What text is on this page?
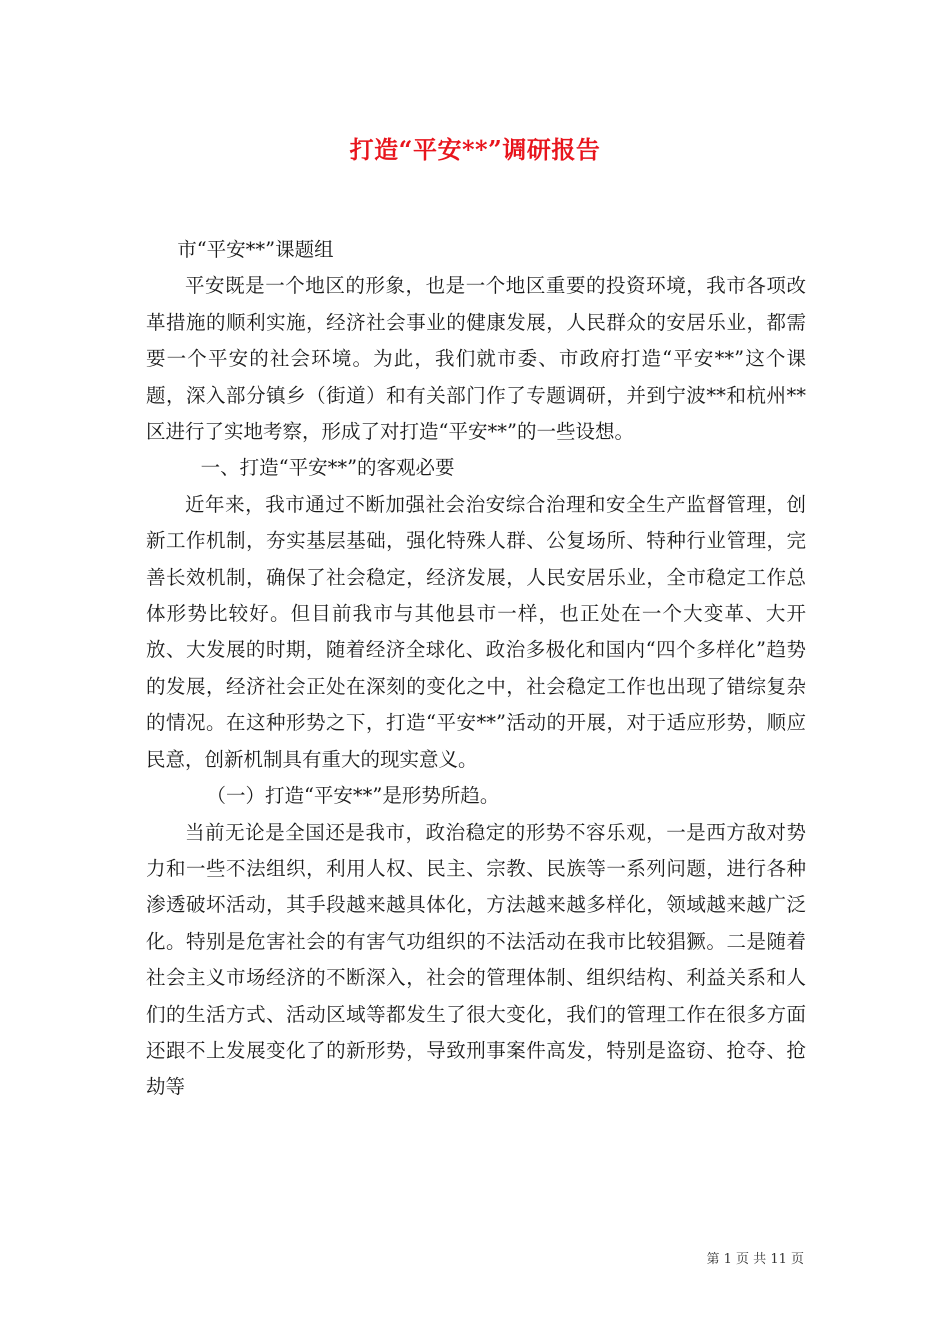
打造“平安**”调研报告

市“平安**”课题组

平安既是一个地区的形象，也是一个地区重要的投资环境，我市各项改革措施的顺利实施，经济社会事业的健康发展，人民群众的安居乐业，都需要一个平安的社会环境。为此，我们就市委、市政府打造“平安**”这个课题，深入部分镇乡（街道）和有关部门作了专题调研，并到宁波**和杭州**区进行了实地考察，形成了对打造“平安**”的一些设想。

一、打造“平安**”的客观必要

近年来，我市通过不断加强社会治安综合治理和安全生产监督管理，创新工作机制，夯实基层基础，强化特殊人群、公复场所、特种行业管理，完善长效机制，确保了社会稳定，经济发展，人民安居乐业，全市稳定工作总体形势比较好。但目前我市与其他县市一样，也正处在一个大变革、大开放、大发展的时期，随着经济全球化、政治多极化和国内“四个多样化”趋势的发展，经济社会正处在深刻的变化之中，社会稳定工作也出现了错综复杂的情况。在这种形势之下，打造“平安**”活动的开展，对于适应形势，顺应民意，创新机制具有重大的现实意义。

（一）打造“平安**”是形势所趋。

当前无论是全国还是我市，政治稳定的形势不容乐观，一是西方敌对势力和一些不法组织，利用人权、民主、宗教、民族等一系列问题，进行各种渗透破坏活动，其手段越来越具体化，方法越来越多样化，领域越来越广泛化。特别是危害社会的有害气功组织的不法活动在我市比较猖獗。二是随着社会主义市场经济的不断深入，社会的管理体制、组织结构、利益关系和人们的生活方式、活动区域等都发生了很大变化，我们的管理工作在很多方面还跟不上发展变化了的新形势，导致刑事案件高发，特别是盗窃、抢夺、抢劫等

第 1 页 共 11 页
